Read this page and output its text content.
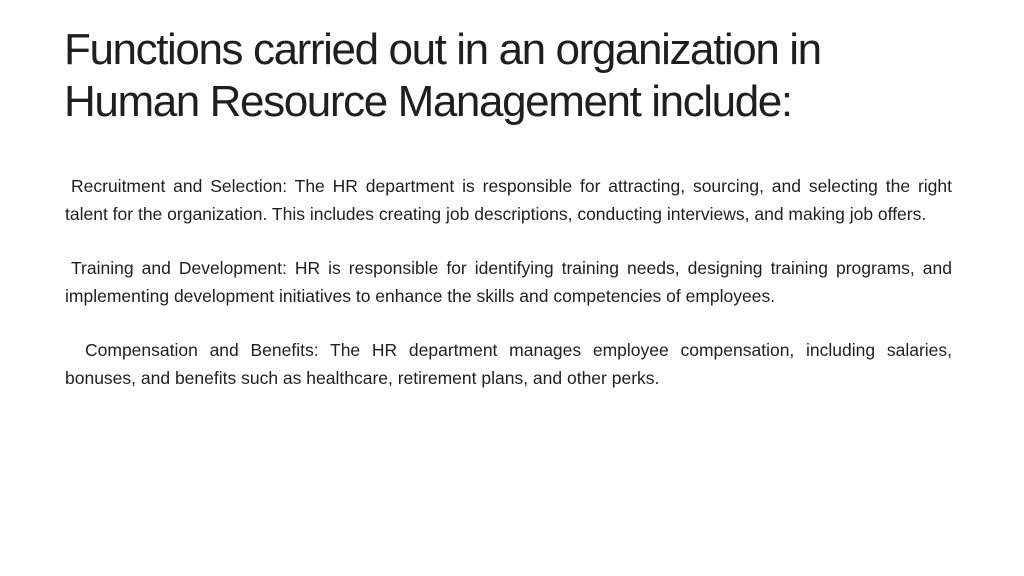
Functions carried out in an organization in Human Resource Management include:

Recruitment and Selection: The HR department is responsible for attracting, sourcing, and selecting the right talent for the organization. This includes creating job descriptions, conducting interviews, and making job offers.

Training and Development: HR is responsible for identifying training needs, designing training programs, and implementing development initiatives to enhance the skills and competencies of employees.

Compensation and Benefits: The HR department manages employee compensation, including salaries, bonuses, and benefits such as healthcare, retirement plans, and other perks.
